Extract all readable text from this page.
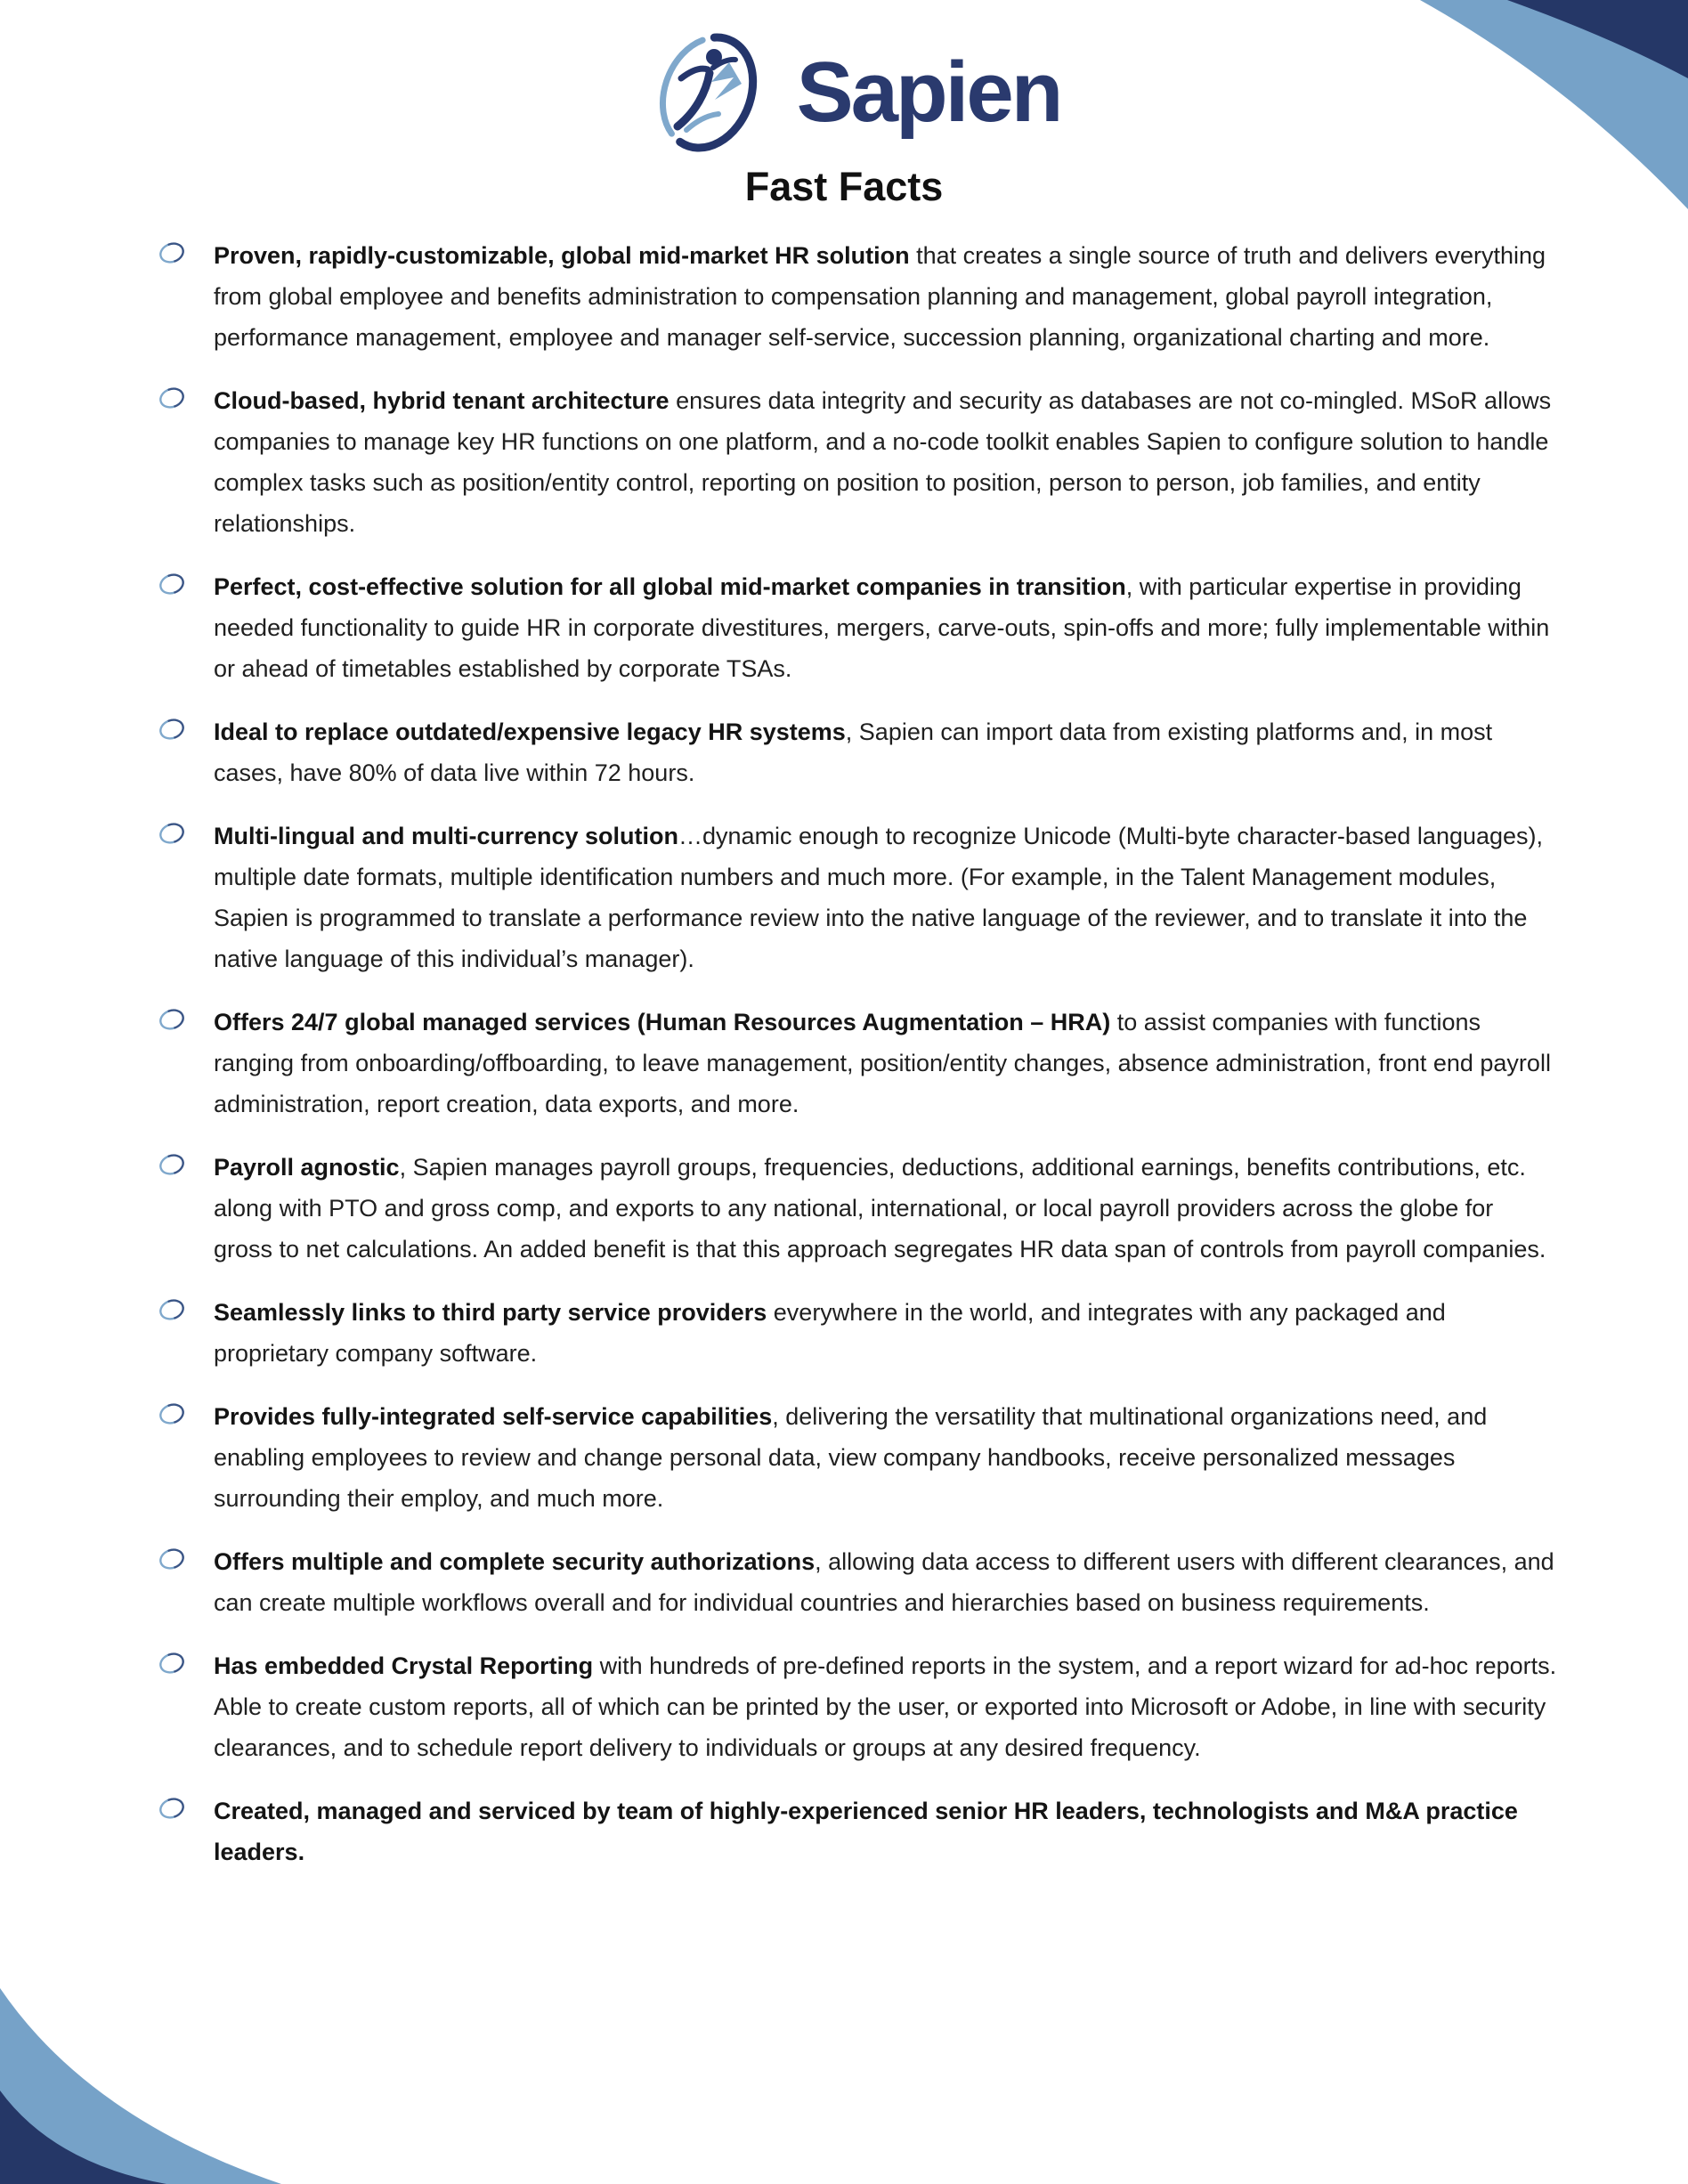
Sapien
Fast Facts

Proven, rapidly-customizable, global mid-market HR solution that creates a single source of truth and delivers everything from global employee and benefits administration to compensation planning and management, global payroll integration, performance management, employee and manager self-service, succession planning, organizational charting and more.

Cloud-based, hybrid tenant architecture ensures data integrity and security as databases are not co-mingled. MSoR allows companies to manage key HR functions on one platform, and a no-code toolkit enables Sapien to configure solution to handle complex tasks such as position/entity control, reporting on position to position, person to person, job families, and entity relationships.

Perfect, cost-effective solution for all global mid-market companies in transition, with particular expertise in providing needed functionality to guide HR in corporate divestitures, mergers, carve-outs, spin-offs and more; fully implementable within or ahead of timetables established by corporate TSAs.

Ideal to replace outdated/expensive legacy HR systems, Sapien can import data from existing platforms and, in most cases, have 80% of data live within 72 hours.

Multi-lingual and multi-currency solution…dynamic enough to recognize Unicode (Multi-byte character-based languages), multiple date formats, multiple identification numbers and much more. (For example, in the Talent Management modules, Sapien is programmed to translate a performance review into the native language of the reviewer, and to translate it into the native language of this individual’s manager).

Offers 24/7 global managed services (Human Resources Augmentation – HRA) to assist companies with functions ranging from onboarding/offboarding, to leave management, position/entity changes, absence administration, front end payroll administration, report creation, data exports, and more.

Payroll agnostic, Sapien manages payroll groups, frequencies, deductions, additional earnings, benefits contributions, etc. along with PTO and gross comp, and exports to any national, international, or local payroll providers across the globe for gross to net calculations. An added benefit is that this approach segregates HR data span of controls from payroll companies.

Seamlessly links to third party service providers everywhere in the world, and integrates with any packaged and proprietary company software.

Provides fully-integrated self-service capabilities, delivering the versatility that multinational organizations need, and enabling employees to review and change personal data, view company handbooks, receive personalized messages surrounding their employ, and much more.

Offers multiple and complete security authorizations, allowing data access to different users with different clearances, and can create multiple workflows overall and for individual countries and hierarchies based on business requirements.

Has embedded Crystal Reporting with hundreds of pre-defined reports in the system, and a report wizard for ad-hoc reports. Able to create custom reports, all of which can be printed by the user, or exported into Microsoft or Adobe, in line with security clearances, and to schedule report delivery to individuals or groups at any desired frequency.

Created, managed and serviced by team of highly-experienced senior HR leaders, technologists and M&A practice leaders.
